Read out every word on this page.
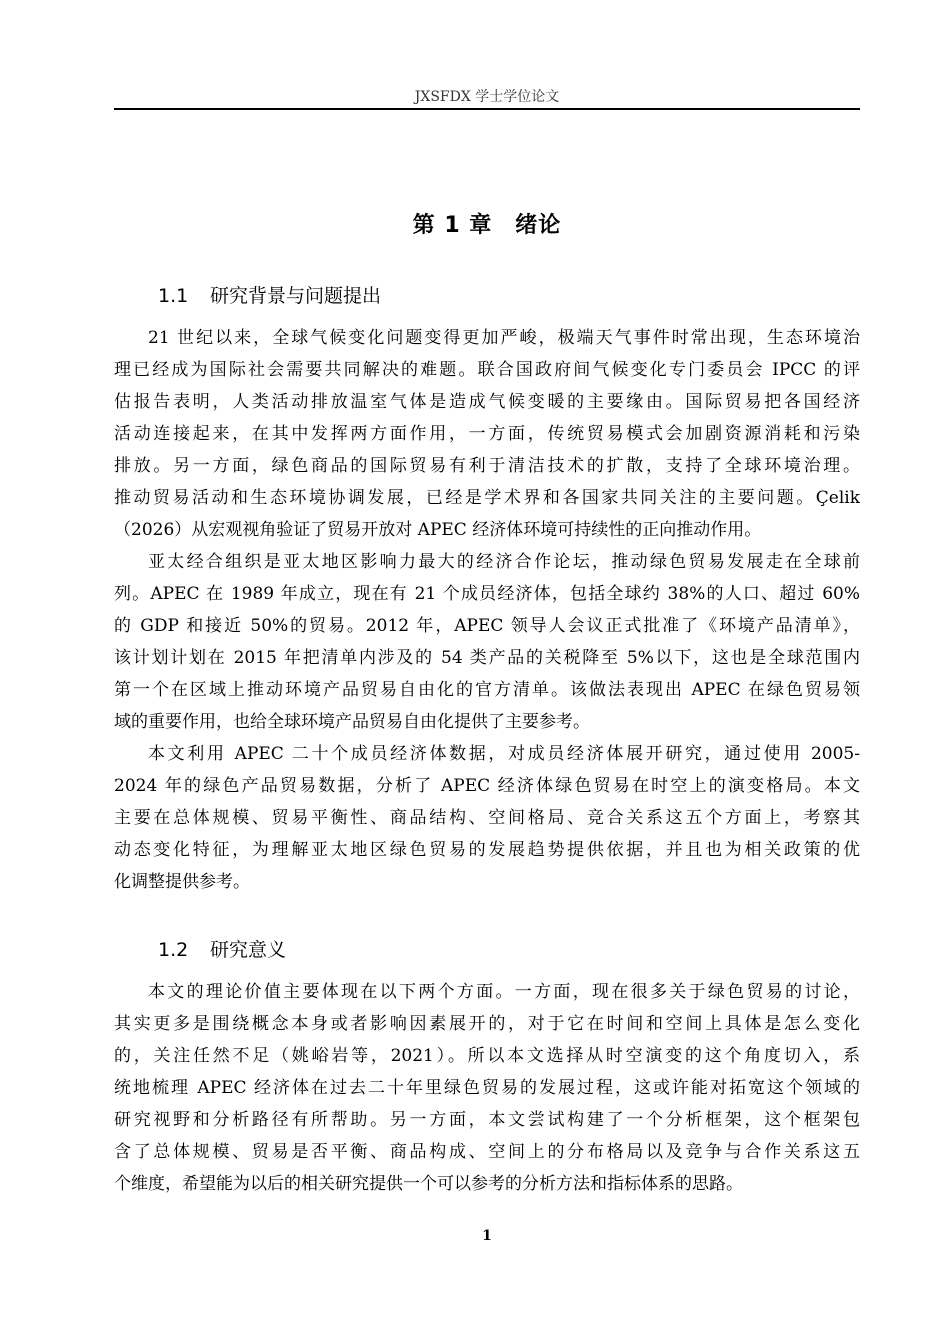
JXSFDX 学士学位论文
第 1 章　绪论
1.1 研究背景与问题提出
21 世纪以来，全球气候变化问题变得更加严峻，极端天气事件时常出现，生态环境治
理已经成为国际社会需要共同解决的难题。联合国政府间气候变化专门委员会 IPCC 的评
估报告表明，人类活动排放温室气体是造成气候变暖的主要缘由。国际贸易把各国经济
活动连接起来，在其中发挥两方面作用，一方面，传统贸易模式会加剧资源消耗和污染
排放。另一方面，绿色商品的国际贸易有利于清洁技术的扩散，支持了全球环境治理。
推动贸易活动和生态环境协调发展，已经是学术界和各国家共同关注的主要问题。Çelik
（2026）从宏观视角验证了贸易开放对 APEC 经济体环境可持续性的正向推动作用。
亚太经合组织是亚太地区影响力最大的经济合作论坛，推动绿色贸易发展走在全球前
列。APEC 在 1989 年成立，现在有 21 个成员经济体，包括全球约 38%的人口、超过 60%
的 GDP 和接近 50%的贸易。2012 年，APEC 领导人会议正式批准了《环境产品清单》，
该计划计划在 2015 年把清单内涉及的 54 类产品的关税降至 5%以下，这也是全球范围内
第一个在区域上推动环境产品贸易自由化的官方清单。该做法表现出 APEC 在绿色贸易领
域的重要作用，也给全球环境产品贸易自由化提供了主要参考。
本文利用 APEC 二十个成员经济体数据，对成员经济体展开研究，通过使用 2005-
2024 年的绿色产品贸易数据，分析了 APEC 经济体绿色贸易在时空上的演变格局。本文
主要在总体规模、贸易平衡性、商品结构、空间格局、竞合关系这五个方面上，考察其
动态变化特征，为理解亚太地区绿色贸易的发展趋势提供依据，并且也为相关政策的优
化调整提供参考。
1.2 研究意义
本文的理论价值主要体现在以下两个方面。一方面，现在很多关于绿色贸易的讨论，
其实更多是围绕概念本身或者影响因素展开的，对于它在时间和空间上具体是怎么变化
的，关注任然不足（姚峪岩等，2021）。所以本文选择从时空演变的这个角度切入，系
统地梳理 APEC 经济体在过去二十年里绿色贸易的发展过程，这或许能对拓宽这个领域的
研究视野和分析路径有所帮助。另一方面，本文尝试构建了一个分析框架，这个框架包
含了总体规模、贸易是否平衡、商品构成、空间上的分布格局以及竞争与合作关系这五
个维度，希望能为以后的相关研究提供一个可以参考的分析方法和指标体系的思路。
1
